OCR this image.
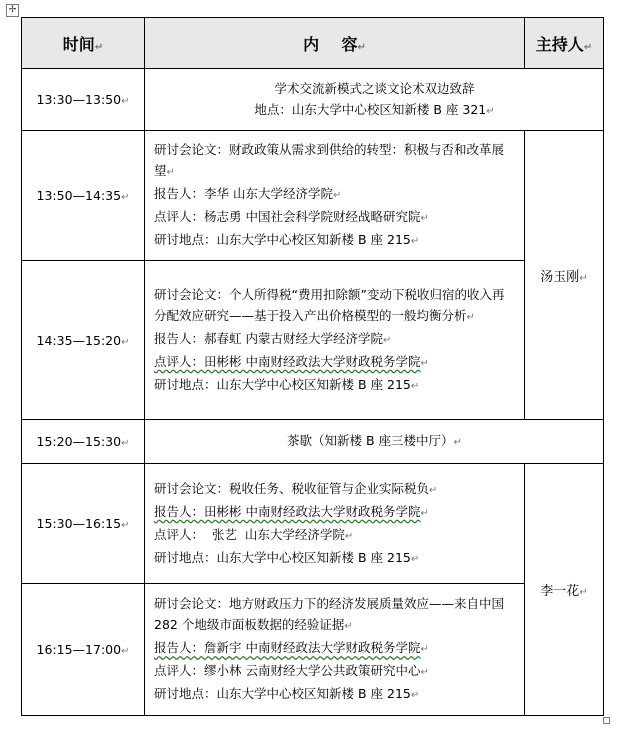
✢
时间↵	内    容↵	主持人↵
13:30—13:50↵	学术交流新模式之谈文论术双边致辞
地点：山东大学中心校区知新楼 B 座 321↵	

13:50—14:35↵	研讨会论文：财政政策从需求到供给的转型：积极与否和改革展望↵
报告人：李华 山东大学经济学院↵
点评人：杨志勇 中国社会科学院财经战略研究院↵
研讨地点：山东大学中心校区知新楼 B 座 215↵	汤玉刚↵
14:35—15:20↵	研讨会论文：个人所得税“费用扣除额”变动下税收归宿的收入再分配效应研究——基于投入产出价格模型的一般均衡分析↵
报告人：郝春虹 内蒙古财经大学经济学院↵
点评人：田彬彬 中南财经政法大学财政税务学院↵
研讨地点：山东大学中心校区知新楼 B 座 215↵	

15:20—15:30↵	茶歇（知新楼 B 座三楼中厅）↵	

15:30—16:15↵	研讨会论文：税收任务、税收征管与企业实际税负↵
报告人：田彬彬 中南财经政法大学财政税务学院↵
点评人：  张艺  山东大学经济学院↵
研讨地点：山东大学中心校区知新楼 B 座 215↵	李一花↵
16:15—17:00↵	研讨会论文：地方财政压力下的经济发展质量效应——来自中国 282 个地级市面板数据的经验证据↵
报告人：詹新宇 中南财经政法大学财政税务学院↵
点评人：缪小林 云南财经大学公共政策研究中心↵
研讨地点：山东大学中心校区知新楼 B 座 215↵	
